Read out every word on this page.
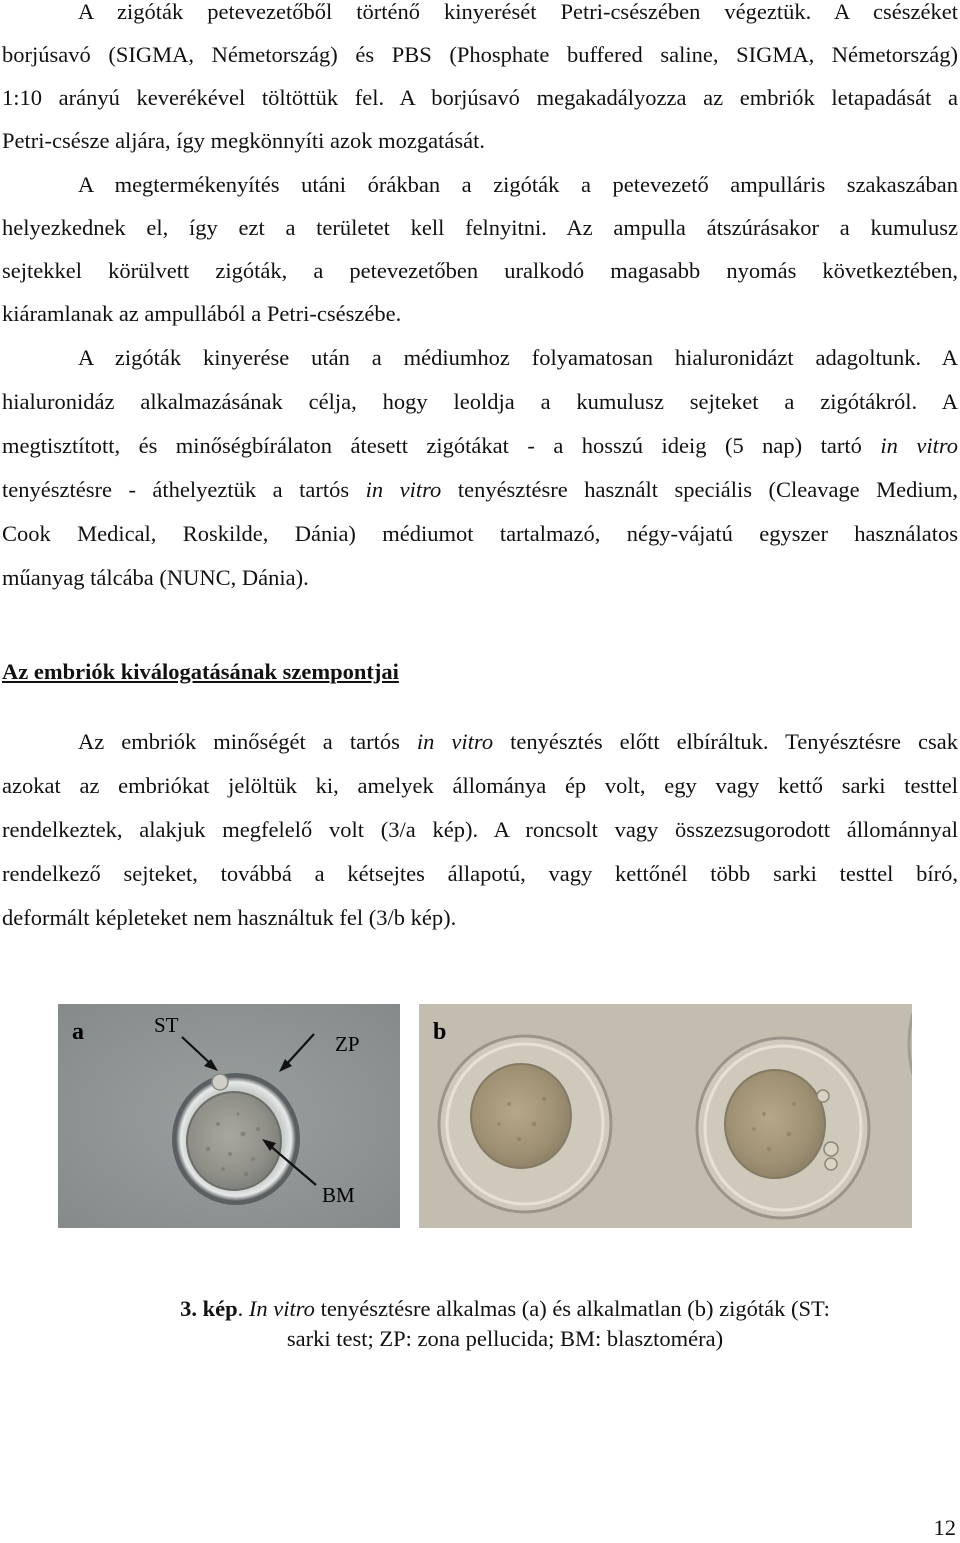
A zigóták petevezetőből történő kinyerését Petri-csészében végeztük. A csészéket
borjúsavó (SIGMA, Németország) és PBS (Phosphate buffered saline, SIGMA, Németország)
1:10 arányú keverékével töltöttük fel. A borjúsavó megakadályozza az embriók letapadását a
Petri-csésze aljára, így megkönnyíti azok mozgatását.
A megtermékenyítés utáni órákban a zigóták a petevezető ampulláris szakaszában
helyezkednek el, így ezt a területet kell felnyitni. Az ampulla átszúrásakor a kumulusz
sejtekkel körülvett zigóták, a petevezetőben uralkodó magasabb nyomás következtében,
kiáramlanak az ampullából a Petri-csészébe.
A zigóták kinyerése után a médiumhoz folyamatosan hialuronidázt adagoltunk. A
hialuronidáz alkalmazásának célja, hogy leoldja a kumulusz sejteket a zigótákról. A
megtisztított, és minőségbírálaton átesett zigótákat - a hosszú ideig (5 nap) tartó in vitro
tenyésztésre - áthelyeztük a tartós in vitro tenyésztésre használt speciális (Cleavage Medium,
Cook Medical, Roskilde, Dánia) médiumot tartalmazó, négy-vájatú egyszer használatos
műanyag tálcába (NUNC, Dánia).
Az embriók kiválogatásának szempontjai
Az embriók minőségét a tartós in vitro tenyésztés előtt elbíráltuk. Tenyésztésre csak
azokat az embriókat jelöltük ki, amelyek állománya ép volt, egy vagy kettő sarki testtel
rendelkeztek, alakjuk megfelelő volt (3/a kép). A roncsolt vagy összezsugorodott állománnyal
rendelkező sejteket, továbbá a kétsejtes állapotú, vagy kettőnél több sarki testtel bíró,
deformált képleteket nem használtuk fel (3/b kép).
a	ST
ZP
BM
b
3. kép. In vitro tenyésztésre alkalmas (a) és alkalmatlan (b) zigóták (ST:
sarki test; ZP: zona pellucida; BM: blasztoméra)
12
